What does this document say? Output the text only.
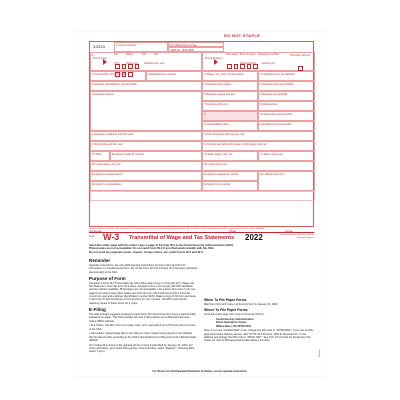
DO NOT STAPLE
33333
a Control number	For Official Use Only ▶
OMB No. 1545-0008
b
Kind of Payer
941	Military	943	944
CT-1	Hshld. emp. Medicare govt. emp.
Kind of Employer
None apply 501c non-govt. State/local non-501c
State/local 501c Federal govt.
Third-party sick pay
c Total number of Forms W-2	d Establishment number	1 Wages, tips, other compensation	2 Federal income tax withheld
e Employer identification number (EIN)	3 Social security wages	4 Social security tax withheld
f Employer's name	5 Medicare wages and tips	6 Medicare tax withheld
7 Social security tips	8 Allocated tips
9	10 Dependent care benefits
11 Nonqualified plans	12a Deferred compensation
g Employer's address and ZIP code	13 For third-party sick pay use only
h Other EIN used this year	14 Income tax withheld by payer of third-party sick pay
15 State	Employer's state ID number	16 State wages, tips, etc.	17 State income tax
18 Local wages, tips, etc.	19 Local income tax
Employer's contact person	Employer's telephone number	For Official Use Only
Employer's email address	Employer's fax number
Under penalties of perjury, I declare that I have examined this return and accompanying documents and, to the best of my knowledge and belief, they are true, correct, and complete.
Signature ▶	Title ▶	Date ▶
Form W-3 Transmittal of Wage and Tax Statements 2022	Department of the Treasury Internal Revenue Service
Send this entire page with the entire Copy A page of Form(s) W-2 to the Social Security Administration (SSA).
Photocopies are not acceptable. Do not send Form W-3 if you filed electronically with the SSA.
Do not send any payment (cash, checks, money orders, etc.) with Forms W-2 and W-3.
Reminder

Separate instructions. See the 2022 General Instructions for Forms W-2 and W-3 for information on completing this form. Do not file Form W-3 for Form(s) W-2 that were submitted electronically to the SSA.

Purpose of Form

Complete a Form W-3 Transmittal only when filing paper Copy A of Form(s) W-2, Wage and Tax Statement. Don't file Form W-3 alone. All paper forms must comply with IRS standards and be machine readable. Photocopies are not acceptable. Use a Form W-3 even if only one paper Form W-2 is being filed. Make sure both the Form W-3 and Form(s) W-2 show the correct tax year and employer identification number (EIN). Make a copy of this form and keep it with Copy D (For Employer) of Form(s) W-2 for your records. The IRS recommends retaining copies of these forms for 4 years.

E-Filing

The SSA strongly suggests employers report Form W-3 and Forms W-2 Copy A electronically instead of on paper. The SSA provides two free e-filing options on its Business Services Online (BSO) website:

• W-2 Online. Use fill-in forms to create, save, print, and submit up to 50 Forms W-2 at a time to the SSA.

• File Upload. Upload wage files to the SSA you have created using payroll or tax software that formats the files according to the SSA's Specifications for Filing Forms W-2 Electronically (EFW2).

W-2 Online fill-in forms or file uploads will be on time if submitted by January 31, 2023. For more information, go to www.SSA.gov/bso. First-time filers, select "Register"; returning filers, select "Log In."

When To File Paper Forms

Mail Form W-3 with Copy A of Form(s) W-2 by January 31, 2023.

Where To File Paper Forms

Send this entire page with Copy A of Form(s) W-2 to:

Social Security Administration
Direct Operations Center
Wilkes-Barre, PA 18769-0001

Note: If you use "Certified Mail" to file, change the ZIP code to "18769-0002." If you use an IRS-approved private delivery service, add "ATTN: W-2 Process, 1150 E. Mountain Dr." to the address and change the ZIP code to "18702-7997." See Pub. 15 (Circular E), Employer's Tax Guide, for a list of IRS-approved private delivery services.

For Privacy Act and Paperwork Reduction Act Notice, see the separate instructions.
Cat. No.
